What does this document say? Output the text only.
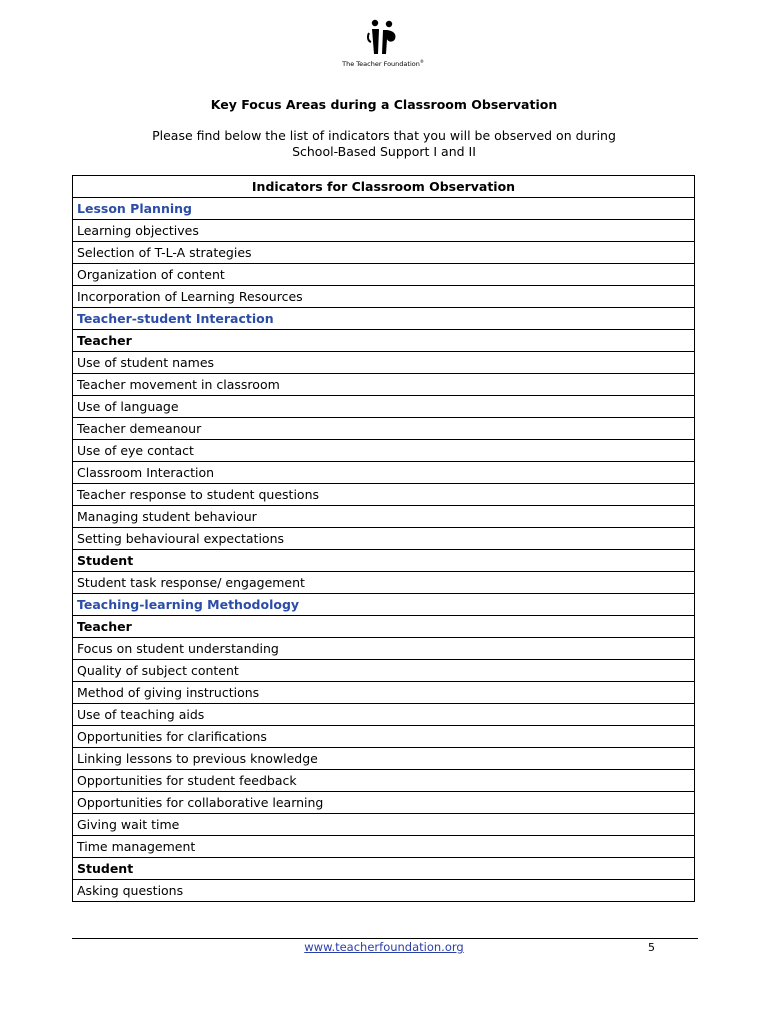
The Teacher Foundation®
Key Focus Areas during a Classroom Observation
Please find below the list of indicators that you will be observed on during
School-Based Support I and II
Indicators for Classroom Observation
Lesson Planning
Learning objectives
Selection of T-L-A strategies
Organization of content
Incorporation of Learning Resources
Teacher-student Interaction
Teacher
Use of student names
Teacher movement in classroom
Use of language
Teacher demeanour
Use of eye contact
Classroom Interaction
Teacher response to student questions
Managing student behaviour
Setting behavioural expectations
Student
Student task response/ engagement
Teaching-learning Methodology
Teacher
Focus on student understanding
Quality of subject content
Method of giving instructions
Use of teaching aids
Opportunities for clarifications
Linking lessons to previous knowledge
Opportunities for student feedback
Opportunities for collaborative learning
Giving wait time
Time management
Student
Asking questions
www.teacherfoundation.org	5
